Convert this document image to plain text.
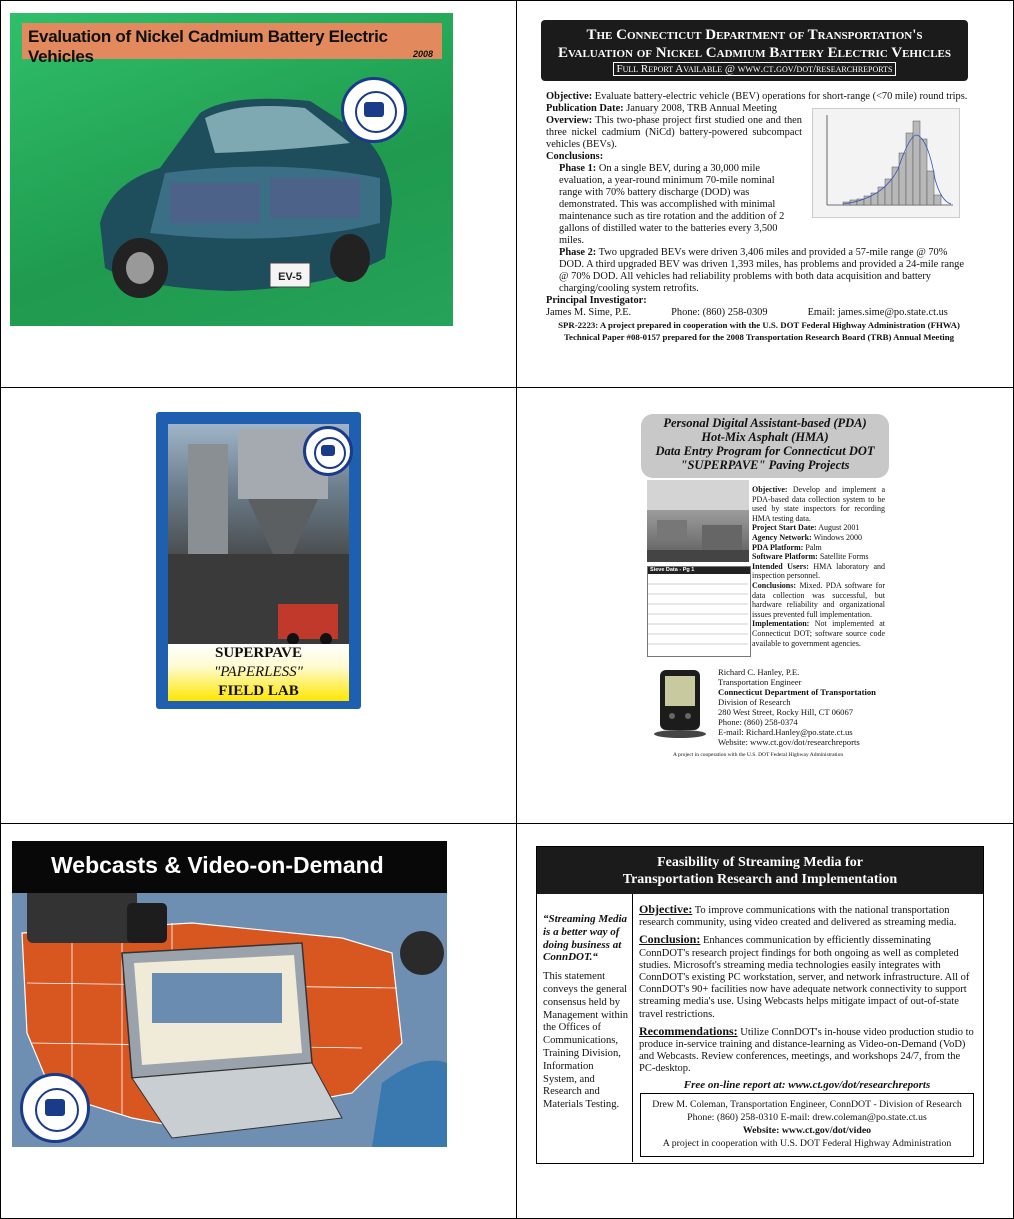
Evaluation of Nickel Cadmium Battery Electric Vehicles	2008
EV-5
The Connecticut Department of Transportation's
Evaluation of Nickel Cadmium Battery Electric Vehicles
Full Report Available @ www.ct.gov/dot/researchreports

Objective: Evaluate battery-electric vehicle (BEV) operations for short-range (<70 mile) round trips.

Publication Date: January 2008, TRB Annual Meeting

Overview: This two-phase project first studied one and then three nickel cadmium (NiCd) battery-powered subcompact vehicles (BEVs).

Conclusions:

Phase 1: On a single BEV, during a 30,000 mile evaluation, a year-round minimum 70-mile nominal range with 70% battery discharge (DOD) was demonstrated. This was accomplished with minimal maintenance such as tire rotation and the addition of 2 gallons of distilled water to the batteries every 3,500 miles.

Phase 2: Two upgraded BEVs were driven 3,406 miles and provided a 57-mile range @ 70% DOD. A third upgraded BEV was driven 1,393 miles, has problems and provided a 24-mile range @ 70% DOD. All vehicles had reliability problems with both data acquisition and battery charging/cooling system retrofits.

Principal Investigator:

James M. Sime, P.E.	Phone: (860) 258-0309	Email: james.sime@po.state.ct.us

SPR-2223: A project prepared in cooperation with the U.S. DOT Federal Highway Administration (FHWA)

Technical Paper #08-0157 prepared for the 2008 Transportation Research Board (TRB) Annual Meeting

SUPERPAVE
"PAPERLESS"
FIELD LAB
Personal Digital Assistant-based (PDA)
Hot-Mix Asphalt (HMA)
Data Entry Program for Connecticut DOT
"SUPERPAVE" Paving Projects
Sieve Data - Pg 1

Objective: Develop and implement a PDA-based data collection system to be used by state inspectors for recording HMA testing data.

Project Start Date: August 2001

Agency Network: Windows 2000

PDA Platform: Palm

Software Platform: Satellite Forms

Intended Users: HMA laboratory and inspection personnel.

Conclusions: Mixed. PDA software for data collection was successful, but hardware reliability and organizational issues prevented full implementation.

Implementation: Not implemented at Connecticut DOT; software source code available to government agencies.

Richard C. Hanley, P.E.
Transportation Engineer
Connecticut Department of Transportation
Division of Research
280 West Street, Rocky Hill, CT 06067
Phone: (860) 258-0374
E-mail: Richard.Hanley@po.state.ct.us
Website: www.ct.gov/dot/researchreports
A project in cooperation with the U.S. DOT Federal Highway Administration
Webcasts & Video-on-Demand	Feasibility of Streaming Media for
Transportation Research and Implementation
“Streaming Media is a better way of doing business at ConnDOT.“
This statement conveys the general consensus held by Management within the Offices of Communications, Training Division, Information System, and Research and Materials Testing.

Objective: To improve communications with the national transportation research community, using video created and delivered as streaming media.

Conclusion: Enhances communication by efficiently disseminating ConnDOT's research project findings for both ongoing as well as completed studies. Microsoft's streaming media technologies easily integrates with ConnDOT's existing PC workstation, server, and network infrastructure. All of ConnDOT's 90+ facilities now have adequate network connectivity to support streaming media's use. Using Webcasts helps mitigate impact of out-of-state travel restrictions.

Recommendations: Utilize ConnDOT's in-house video production studio to produce in-service training and distance-learning as Video-on-Demand (VoD) and Webcasts. Review conferences, meetings, and workshops 24/7, from the PC-desktop.

Free on-line report at: www.ct.gov/dot/researchreports
Drew M. Coleman, Transportation Engineer, ConnDOT - Division of Research
Phone: (860) 258-0310 E-mail: drew.coleman@po.state.ct.us
Website: www.ct.gov/dot/video
A project in cooperation with U.S. DOT Federal Highway Administration
